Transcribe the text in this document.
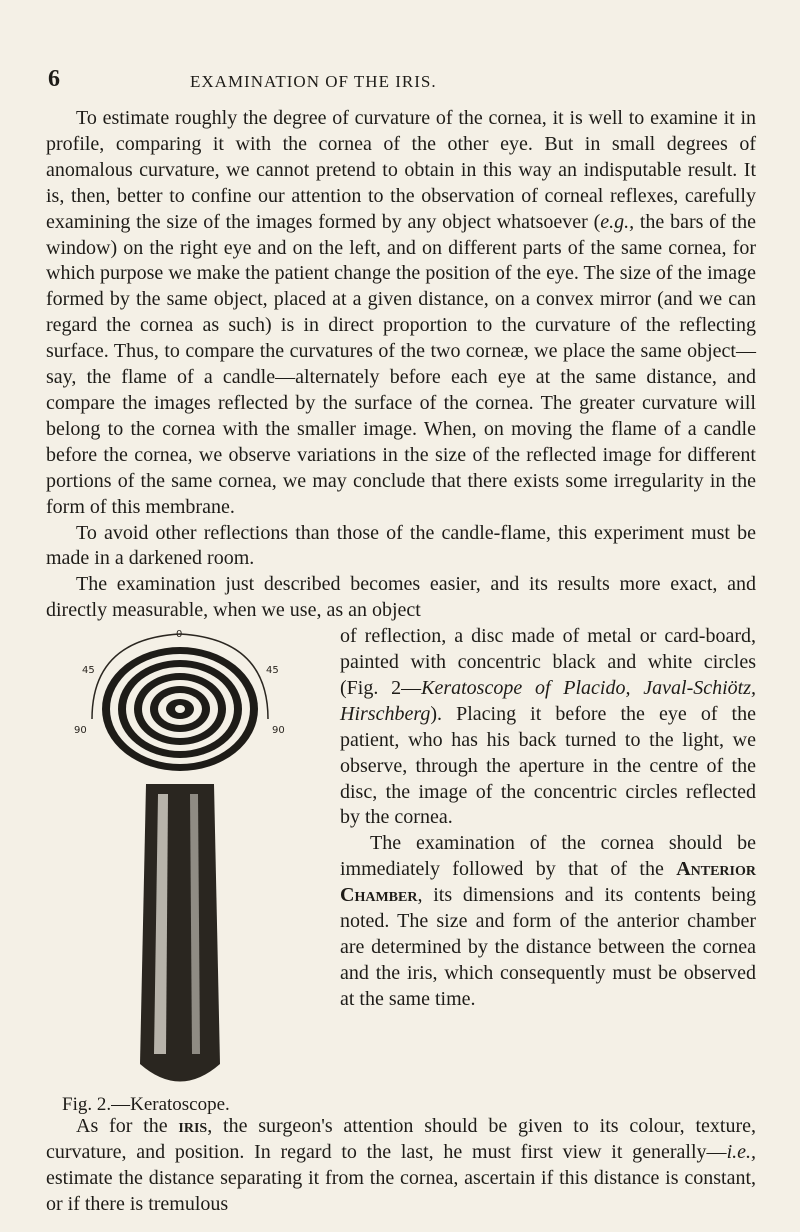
6	EXAMINATION OF THE IRIS.

To estimate roughly the degree of curvature of the cornea, it is well to examine it in profile, comparing it with the cornea of the other eye. But in small degrees of anomalous curvature, we cannot pretend to obtain in this way an indisputable result. It is, then, better to confine our attention to the observation of corneal reflexes, carefully examining the size of the images formed by any object whatsoever (e.g., the bars of the window) on the right eye and on the left, and on different parts of the same cornea, for which purpose we make the patient change the position of the eye. The size of the image formed by the same object, placed at a given distance, on a convex mirror (and we can regard the cornea as such) is in direct proportion to the curvature of the reflecting surface. Thus, to compare the curvatures of the two corneæ, we place the same object—say, the flame of a candle—alternately before each eye at the same distance, and compare the images reflected by the surface of the cornea. The greater curvature will belong to the cornea with the smaller image. When, on moving the flame of a candle before the cornea, we observe variations in the size of the reflected image for different portions of the same cornea, we may conclude that there exists some irregularity in the form of this membrane.

To avoid other reflections than those of the candle-flame, this experiment must be made in a darkened room.

The examination just described becomes easier, and its results more exact, and directly measurable, when we use, as an object

0
45	45
90	90
Fig. 2.—Keratoscope.

of reflection, a disc made of metal or card-board, painted with concentric black and white circles (Fig. 2—Keratoscope of Placido, Javal-Schiötz, Hirschberg). Placing it before the eye of the patient, who has his back turned to the light, we observe, through the aperture in the centre of the disc, the image of the concentric circles reflected by the cornea.

The examination of the cornea should be immediately followed by that of the Anterior Chamber, its dimensions and its contents being noted. The size and form of the anterior chamber are determined by the distance between the cornea and the iris, which consequently must be observed at the same time.

As for the iris, the surgeon's attention should be given to its colour, texture, curvature, and position. In regard to the last, he must first view it generally—i.e., estimate the distance separating it from the cornea, ascertain if this distance is constant, or if there is tremulous
